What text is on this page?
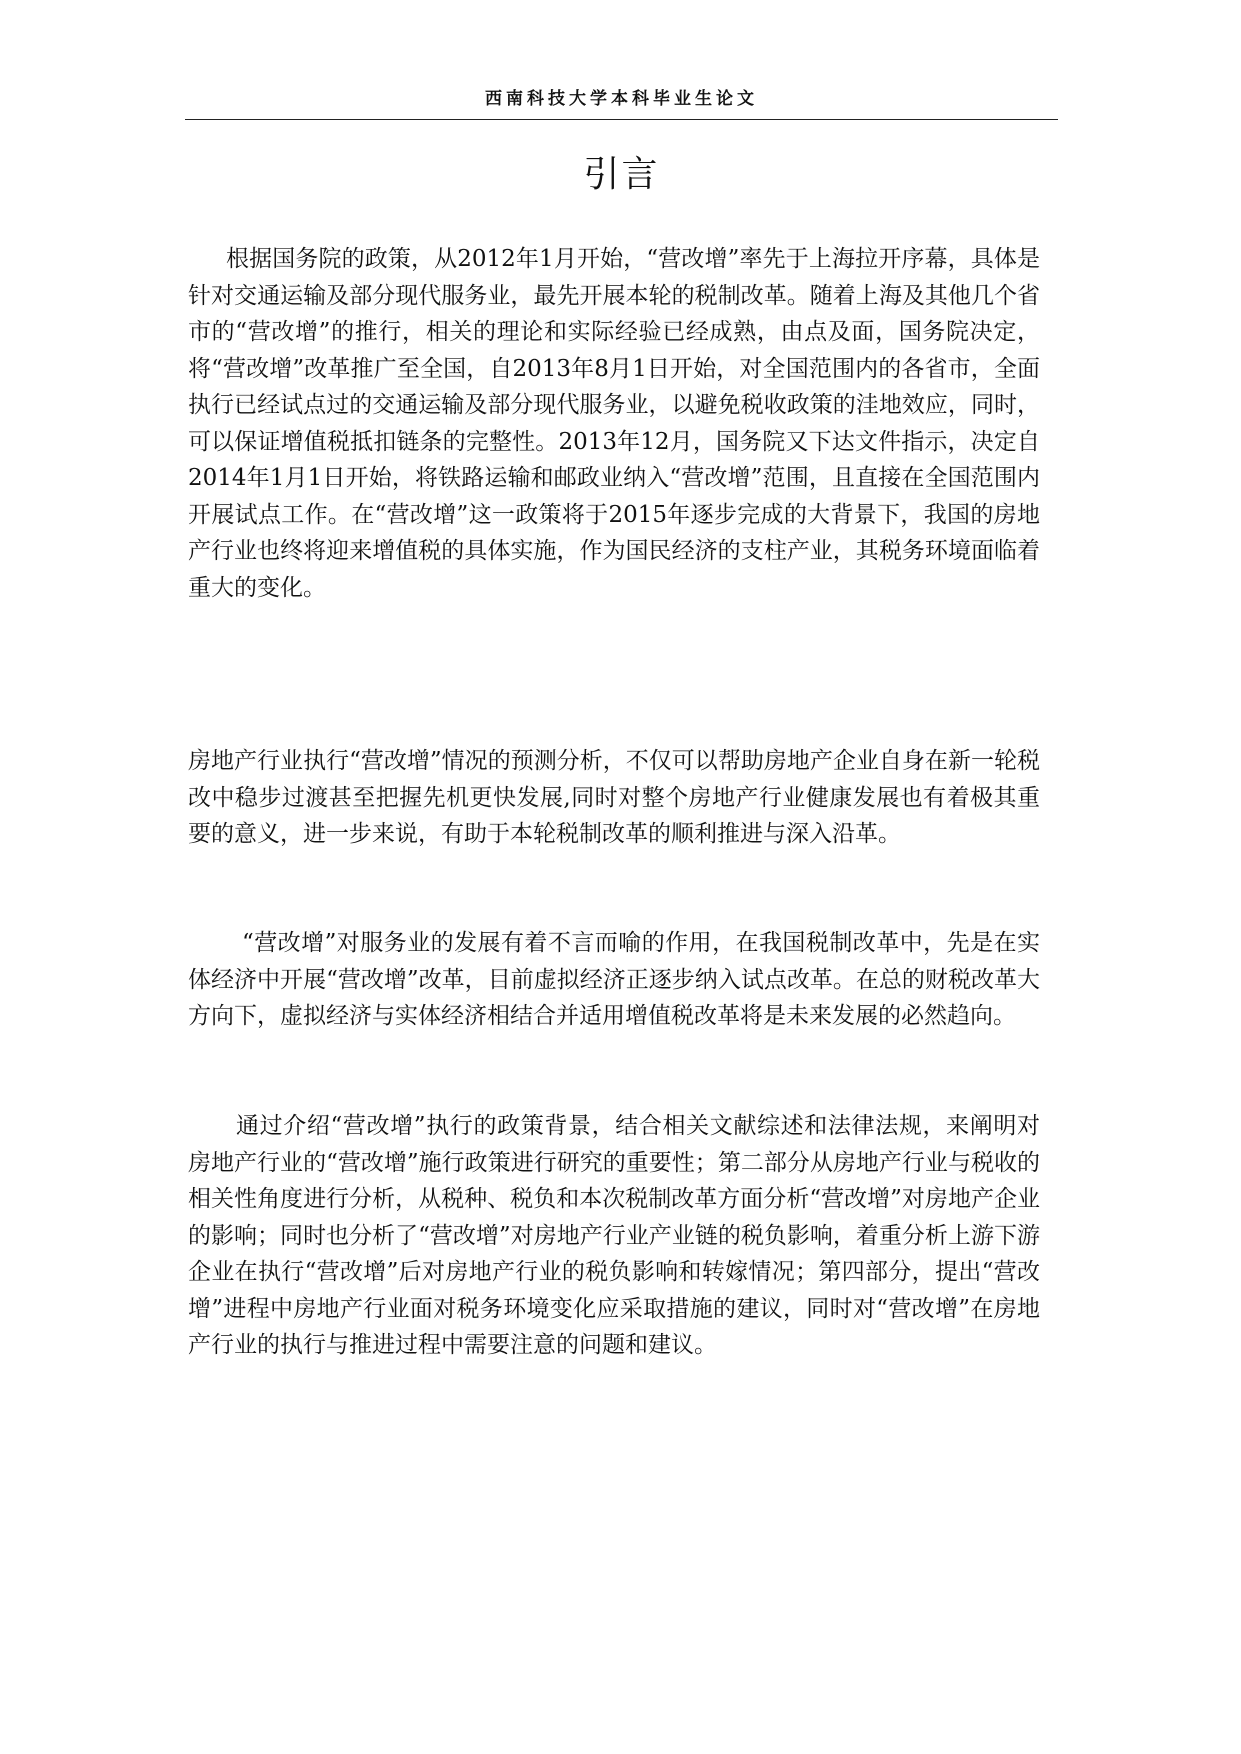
西南科技大学本科毕业生论文
引言

根据国务院的政策，从2012年1月开始，“营改增”率先于上海拉开序幕，具体是针对交通运输及部分现代服务业，最先开展本轮的税制改革。随着上海及其他几个省市的“营改增”的推行，相关的理论和实际经验已经成熟，由点及面，国务院决定，将“营改增”改革推广至全国，自2013年8月1日开始，对全国范围内的各省市，全面执行已经试点过的交通运输及部分现代服务业，以避免税收政策的洼地效应，同时，可以保证增值税抵扣链条的完整性。2013年12月，国务院又下达文件指示，决定自2014年1月1日开始，将铁路运输和邮政业纳入“营改增”范围，且直接在全国范围内开展试点工作。在“营改增”这一政策将于2015年逐步完成的大背景下，我国的房地产行业也终将迎来增值税的具体实施，作为国民经济的支柱产业，其税务环境面临着重大的变化。

房地产行业执行“营改增”情况的预测分析，不仅可以帮助房地产企业自身在新一轮税改中稳步过渡甚至把握先机更快发展,同时对整个房地产行业健康发展也有着极其重要的意义，进一步来说，有助于本轮税制改革的顺利推进与深入沿革。

“营改增”对服务业的发展有着不言而喻的作用，在我国税制改革中，先是在实体经济中开展“营改增”改革，目前虚拟经济正逐步纳入试点改革。在总的财税改革大方向下，虚拟经济与实体经济相结合并适用增值税改革将是未来发展的必然趋向。

通过介绍“营改增”执行的政策背景，结合相关文献综述和法律法规，来阐明对房地产行业的“营改增”施行政策进行研究的重要性；第二部分从房地产行业与税收的相关性角度进行分析，从税种、税负和本次税制改革方面分析“营改增”对房地产企业的影响；同时也分析了“营改增”对房地产行业产业链的税负影响，着重分析上游下游企业在执行“营改增”后对房地产行业的税负影响和转嫁情况；第四部分，提出“营改增”进程中房地产行业面对税务环境变化应采取措施的建议，同时对“营改增”在房地产行业的执行与推进过程中需要注意的问题和建议。
